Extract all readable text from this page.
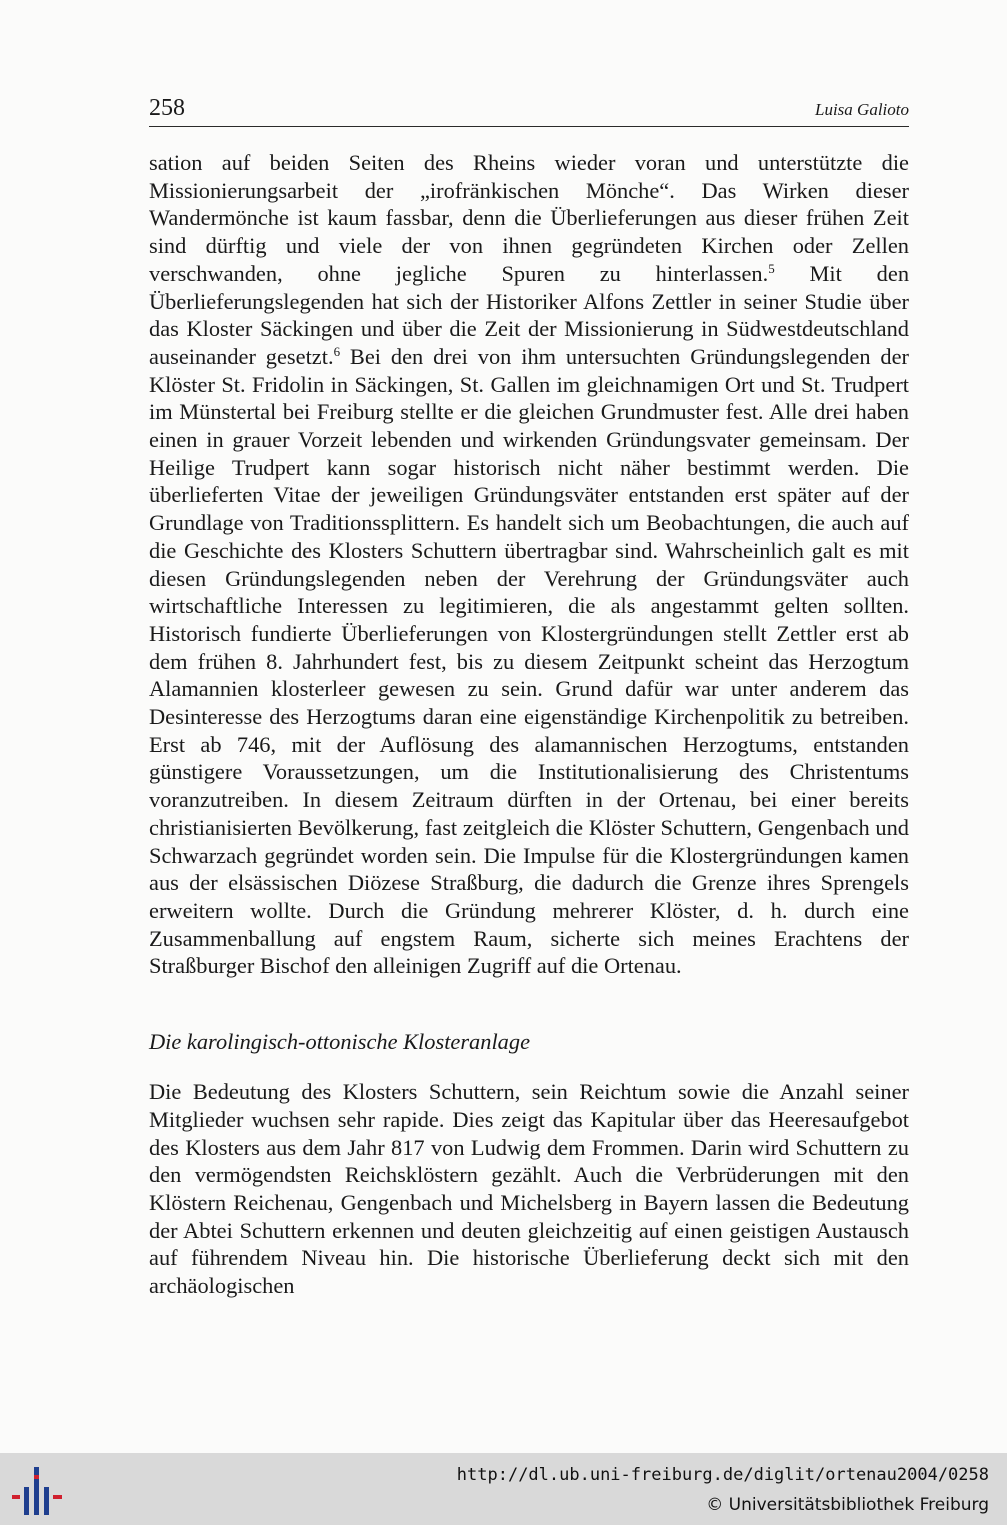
258	Luisa Galioto

sation auf beiden Seiten des Rheins wieder voran und unterstützte die Missionierungsarbeit der „irofränkischen Mönche“. Das Wirken dieser Wandermönche ist kaum fassbar, denn die Überlieferungen aus dieser frühen Zeit sind dürftig und viele der von ihnen gegründeten Kirchen oder Zellen verschwanden, ohne jegliche Spuren zu hinterlassen.$^5$ Mit den Überlieferungslegenden hat sich der Historiker Alfons Zettler in seiner Studie über das Kloster Säckingen und über die Zeit der Missionierung in Südwestdeutschland auseinander gesetzt.$^6$ Bei den drei von ihm untersuchten Gründungslegenden der Klöster St. Fridolin in Säckingen, St. Gallen im gleichnamigen Ort und St. Trudpert im Münstertal bei Freiburg stellte er die gleichen Grundmuster fest. Alle drei haben einen in grauer Vorzeit lebenden und wirkenden Gründungsvater gemeinsam. Der Heilige Trudpert kann sogar historisch nicht näher bestimmt werden. Die überlieferten Vitae der jeweiligen Gründungsväter entstanden erst später auf der Grundlage von Traditionssplittern. Es handelt sich um Beobachtungen, die auch auf die Geschichte des Klosters Schuttern übertragbar sind. Wahrscheinlich galt es mit diesen Gründungslegenden neben der Verehrung der Gründungsväter auch wirtschaftliche Interessen zu legitimieren, die als angestammt gelten sollten. Historisch fundierte Überlieferungen von Klostergründungen stellt Zettler erst ab dem frühen 8. Jahrhundert fest, bis zu diesem Zeitpunkt scheint das Herzogtum Alamannien klosterleer gewesen zu sein. Grund dafür war unter anderem das Desinteresse des Herzogtums daran eine eigenständige Kirchenpolitik zu betreiben. Erst ab 746, mit der Auflösung des alamannischen Herzogtums, entstanden günstigere Voraussetzungen, um die Institutionalisierung des Christentums voranzutreiben. In diesem Zeitraum dürften in der Ortenau, bei einer bereits christianisierten Bevölkerung, fast zeitgleich die Klöster Schuttern, Gengenbach und Schwarzach gegründet worden sein. Die Impulse für die Klostergründungen kamen aus der elsässischen Diözese Straßburg, die dadurch die Grenze ihres Sprengels erweitern wollte. Durch die Gründung mehrerer Klöster, d. h. durch eine Zusammenballung auf engstem Raum, sicherte sich meines Erachtens der Straßburger Bischof den alleinigen Zugriff auf die Ortenau.

Die karolingisch-ottonische Klosteranlage

Die Bedeutung des Klosters Schuttern, sein Reichtum sowie die Anzahl seiner Mitglieder wuchsen sehr rapide. Dies zeigt das Kapitular über das Heeresaufgebot des Klosters aus dem Jahr 817 von Ludwig dem Frommen. Darin wird Schuttern zu den vermögendsten Reichsklöstern gezählt. Auch die Verbrüderungen mit den Klöstern Reichenau, Gengenbach und Michelsberg in Bayern lassen die Bedeutung der Abtei Schuttern erkennen und deuten gleichzeitig auf einen geistigen Austausch auf führendem Niveau hin. Die historische Überlieferung deckt sich mit den archäologischen

http://dl.ub.uni-freiburg.de/diglit/ortenau2004/0258
© Universitätsbibliothek Freiburg
